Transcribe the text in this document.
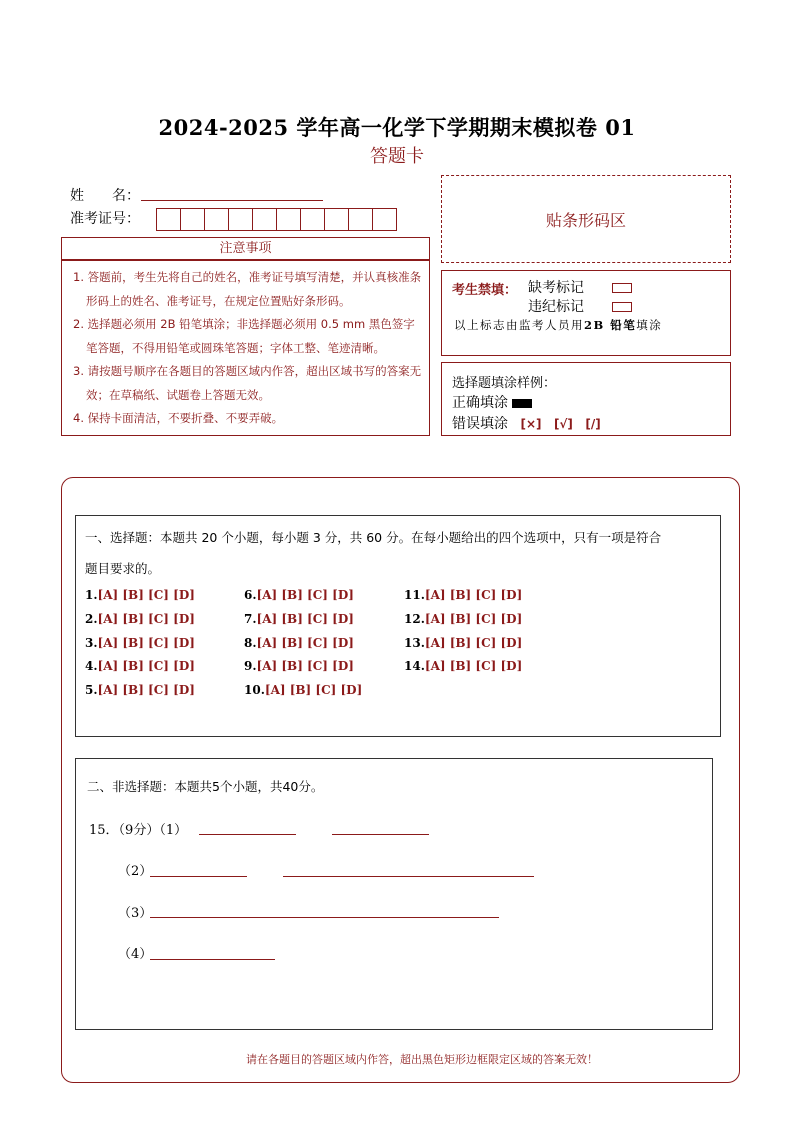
2024-2025 学年高一化学下学期期末模拟卷 01
答题卡
姓　　名：
准考证号：	贴条形码区
注意事项
1. 答题前，考生先将自己的姓名，准考证号填写清楚，并认真核准条形码上的姓名、准考证号，在规定位置贴好条形码。
2. 选择题必须用 2B 铅笔填涂；非选择题必须用 0.5 mm 黑色签字笔答题，不得用铅笔或圆珠笔答题；字体工整、笔迹清晰。
3. 请按题号顺序在各题目的答题区域内作答，超出区域书写的答案无效；在草稿纸、试题卷上答题无效。
4. 保持卡面清洁，不要折叠、不要弄破。
考生禁填： 缺考标记
违纪标记
以上标志由监考人员用2B 铅笔填涂
选择题填涂样例：
正确填涂
错误填涂 [×] [√] [/]
一、选择题：本题共 20 个小题，每小题 3 分，共 60 分。在每小题给出的四个选项中，只有一项是符合
题目要求的。
1.[A] [B] [C] [D]
2.[A] [B] [C] [D]
3.[A] [B] [C] [D]
4.[A] [B] [C] [D]
5.[A] [B] [C] [D]
6.[A] [B] [C] [D]
7.[A] [B] [C] [D]
8.[A] [B] [C] [D]
9.[A] [B] [C] [D]
10.[A] [B] [C] [D]
11.[A] [B] [C] [D]
12.[A] [B] [C] [D]
13.[A] [B] [C] [D]
14.[A] [B] [C] [D]
二、非选择题：本题共5个小题，共40分。
15．（9分）（1）
（2）
（3）
（4）
请在各题目的答题区域内作答，超出黑色矩形边框限定区域的答案无效！
